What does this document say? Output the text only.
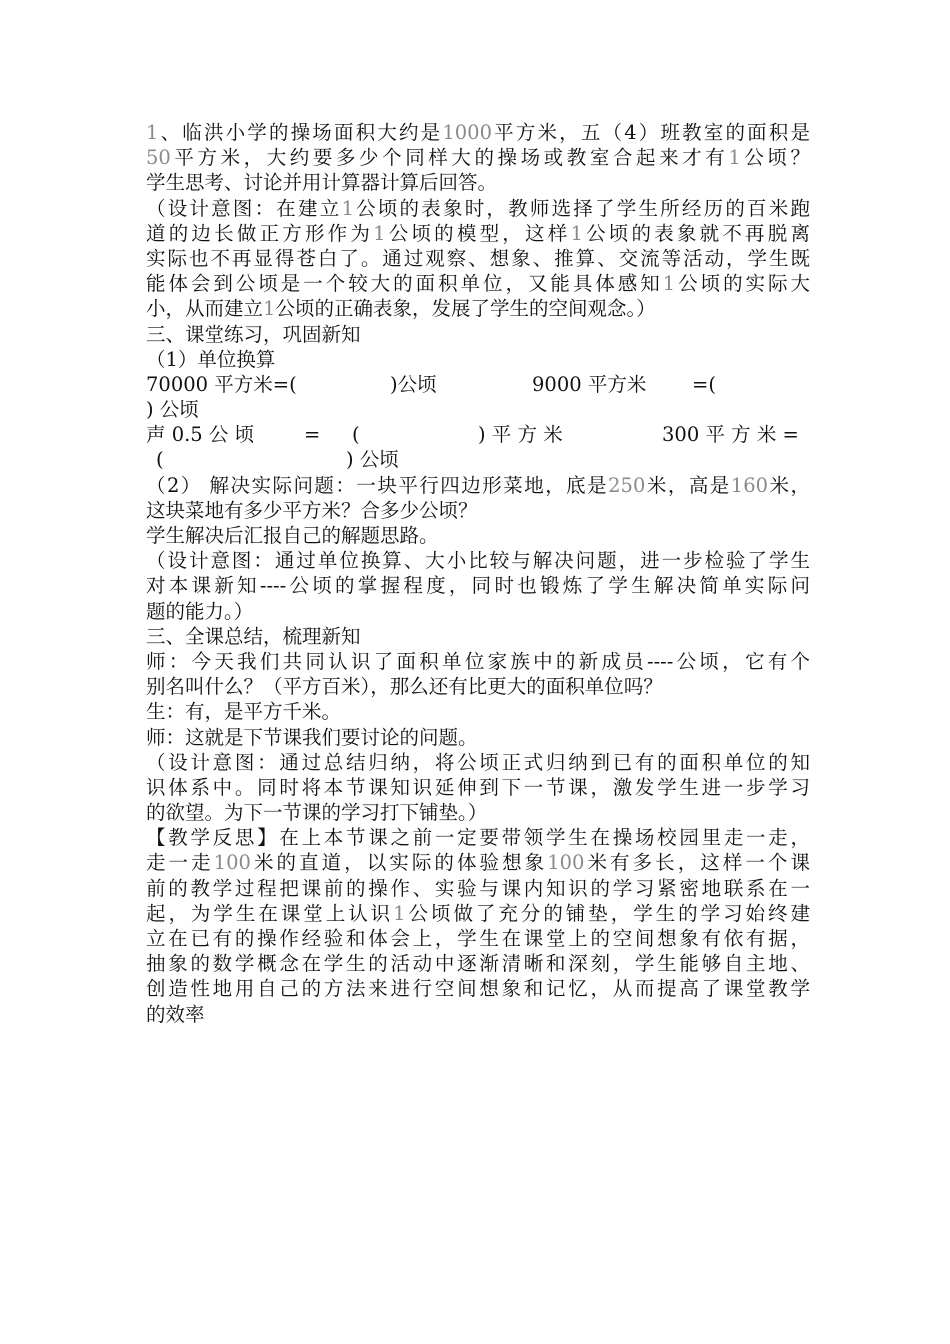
1、临洪小学的操场面积大约是1000平方米，五（4）班教室的面积是
50平方米，大约要多少个同样大的操场或教室合起来才有1公顷？
学生思考、讨论并用计算器计算后回答。
（设计意图：在建立1公顷的表象时，教师选择了学生所经历的百米跑
道的边长做正方形作为1公顷的模型，这样1公顷的表象就不再脱离
实际也不再显得苍白了。通过观察、想象、推算、交流等活动，学生既
能体会到公顷是一个较大的面积单位，又能具体感知1公顷的实际大
小，从而建立1公顷的正确表象，发展了学生的空间观念。）
三、课堂练习，巩固新知
（1）单位换算
70000 平方米=(	)公顷	9000 平方米 =(
) 公顷
声 0.5 公 顷	= (	) 平 方 米	300 平 方 米 =
(	) 公顷
（2） 解决实际问题：一块平行四边形菜地，底是250米，高是160米，
这块菜地有多少平方米？合多少公顷？
学生解决后汇报自己的解题思路。
（设计意图：通过单位换算、大小比较与解决问题，进一步检验了学生
对本课新知----公顷的掌握程度，同时也锻炼了学生解决简单实际问
题的能力。）
三、全课总结，梳理新知
师：今天我们共同认识了面积单位家族中的新成员----公顷，它有个
别名叫什么？（平方百米），那么还有比更大的面积单位吗？
生：有，是平方千米。
师：这就是下节课我们要讨论的问题。
（设计意图：通过总结归纳，将公顷正式归纳到已有的面积单位的知
识体系中。同时将本节课知识延伸到下一节课，激发学生进一步学习
的欲望。为下一节课的学习打下铺垫。）
【教学反思】在上本节课之前一定要带领学生在操场校园里走一走，
走一走100米的直道，以实际的体验想象100米有多长，这样一个课
前的教学过程把课前的操作、实验与课内知识的学习紧密地联系在一
起，为学生在课堂上认识1公顷做了充分的铺垫，学生的学习始终建
立在已有的操作经验和体会上，学生在课堂上的空间想象有依有据，
抽象的数学概念在学生的活动中逐渐清晰和深刻，学生能够自主地、
创造性地用自己的方法来进行空间想象和记忆，从而提高了课堂教学
的效率
